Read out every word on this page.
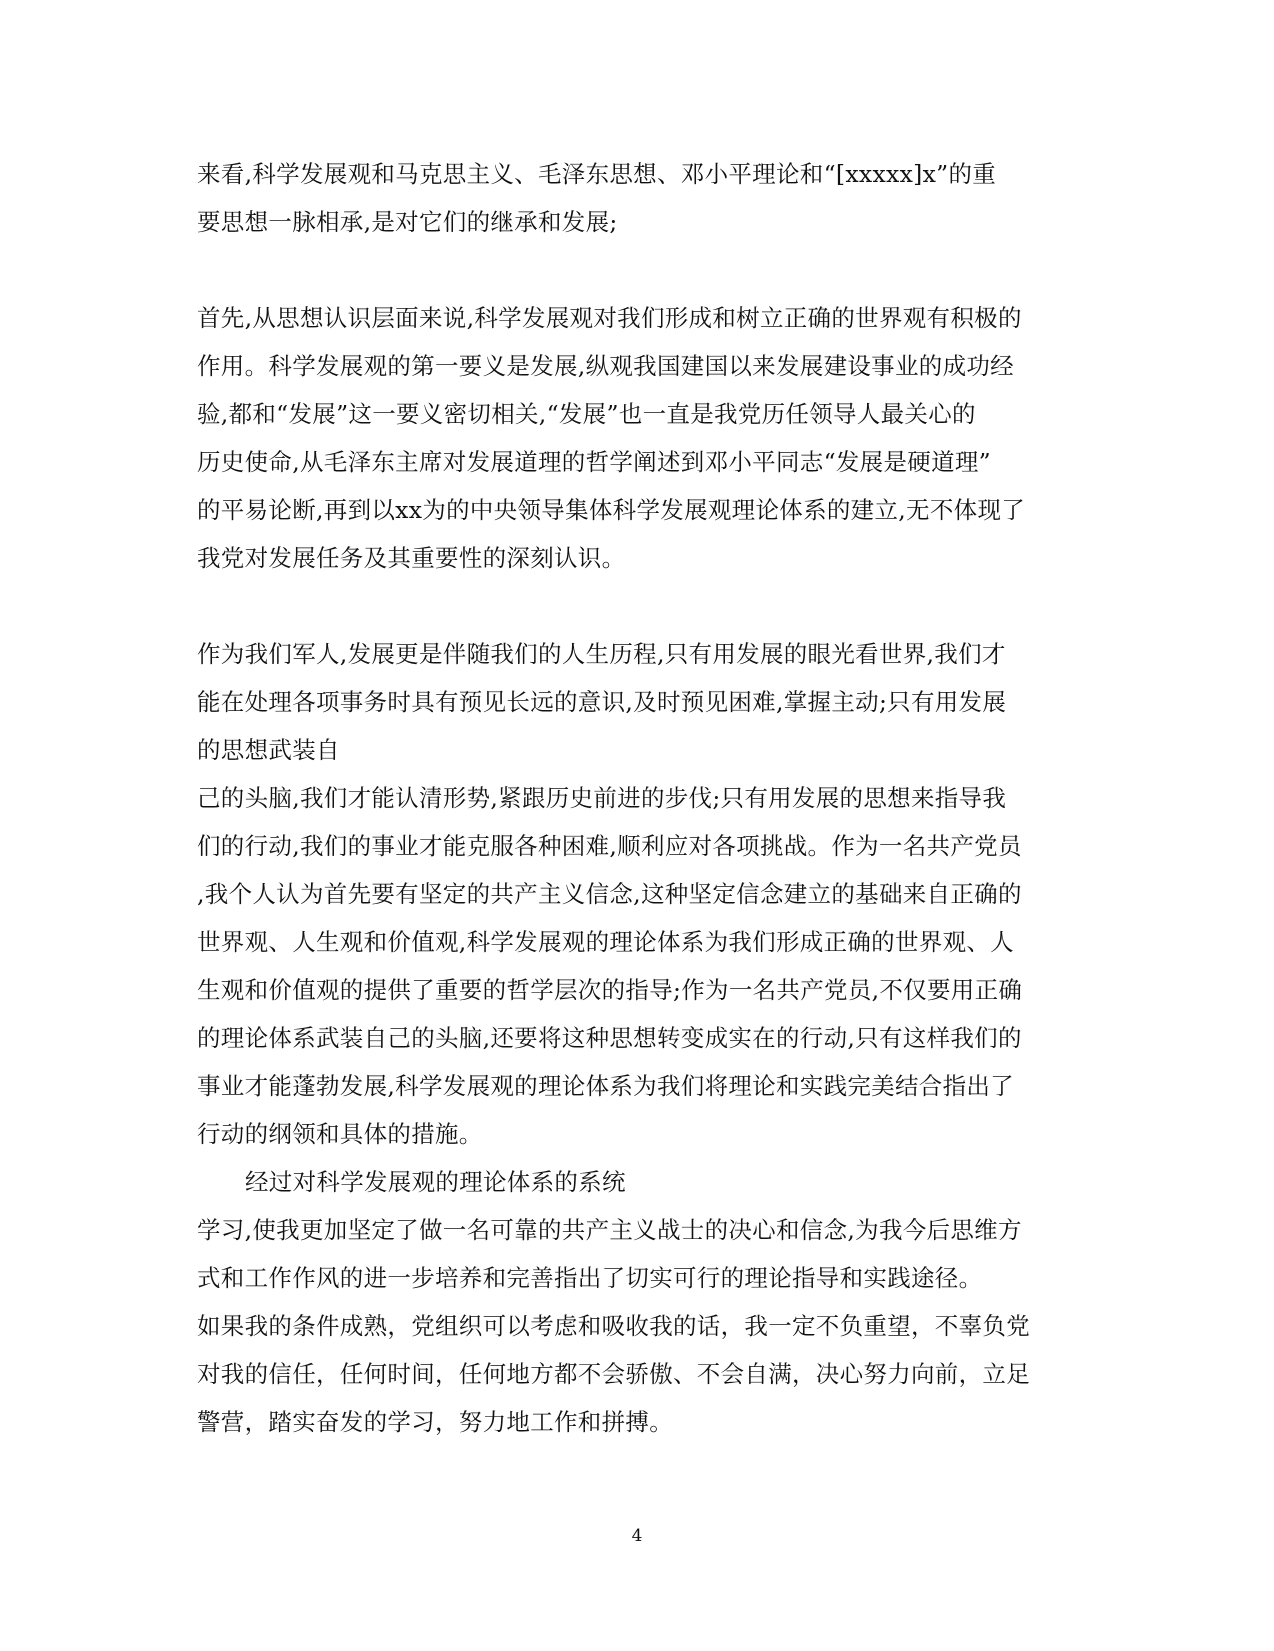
来看,科学发展观和马克思主义、毛泽东思想、邓小平理论和“[xxxxx]x”的重
要思想一脉相承,是对它们的继承和发展;
首先,从思想认识层面来说,科学发展观对我们形成和树立正确的世界观有积极的
作用。科学发展观的第一要义是发展,纵观我国建国以来发展建设事业的成功经
验,都和“发展”这一要义密切相关,“发展”也一直是我党历任领导人最关心的
历史使命,从毛泽东主席对发展道理的哲学阐述到邓小平同志“发展是硬道理”
的平易论断,再到以xx为的中央领导集体科学发展观理论体系的建立,无不体现了
我党对发展任务及其重要性的深刻认识。
作为我们军人,发展更是伴随我们的人生历程,只有用发展的眼光看世界,我们才
能在处理各项事务时具有预见长远的意识,及时预见困难,掌握主动;只有用发展
的思想武装自
己的头脑,我们才能认清形势,紧跟历史前进的步伐;只有用发展的思想来指导我
们的行动,我们的事业才能克服各种困难,顺利应对各项挑战。作为一名共产党员
,我个人认为首先要有坚定的共产主义信念,这种坚定信念建立的基础来自正确的
世界观、人生观和价值观,科学发展观的理论体系为我们形成正确的世界观、人
生观和价值观的提供了重要的哲学层次的指导;作为一名共产党员,不仅要用正确
的理论体系武装自己的头脑,还要将这种思想转变成实在的行动,只有这样我们的
事业才能蓬勃发展,科学发展观的理论体系为我们将理论和实践完美结合指出了
行动的纲领和具体的措施。
经过对科学发展观的理论体系的系统
学习,使我更加坚定了做一名可靠的共产主义战士的决心和信念,为我今后思维方
式和工作作风的进一步培养和完善指出了切实可行的理论指导和实践途径。
如果我的条件成熟，党组织可以考虑和吸收我的话，我一定不负重望，不辜负党
对我的信任，任何时间，任何地方都不会骄傲、不会自满，决心努力向前，立足
警营，踏实奋发的学习，努力地工作和拼搏。
4
